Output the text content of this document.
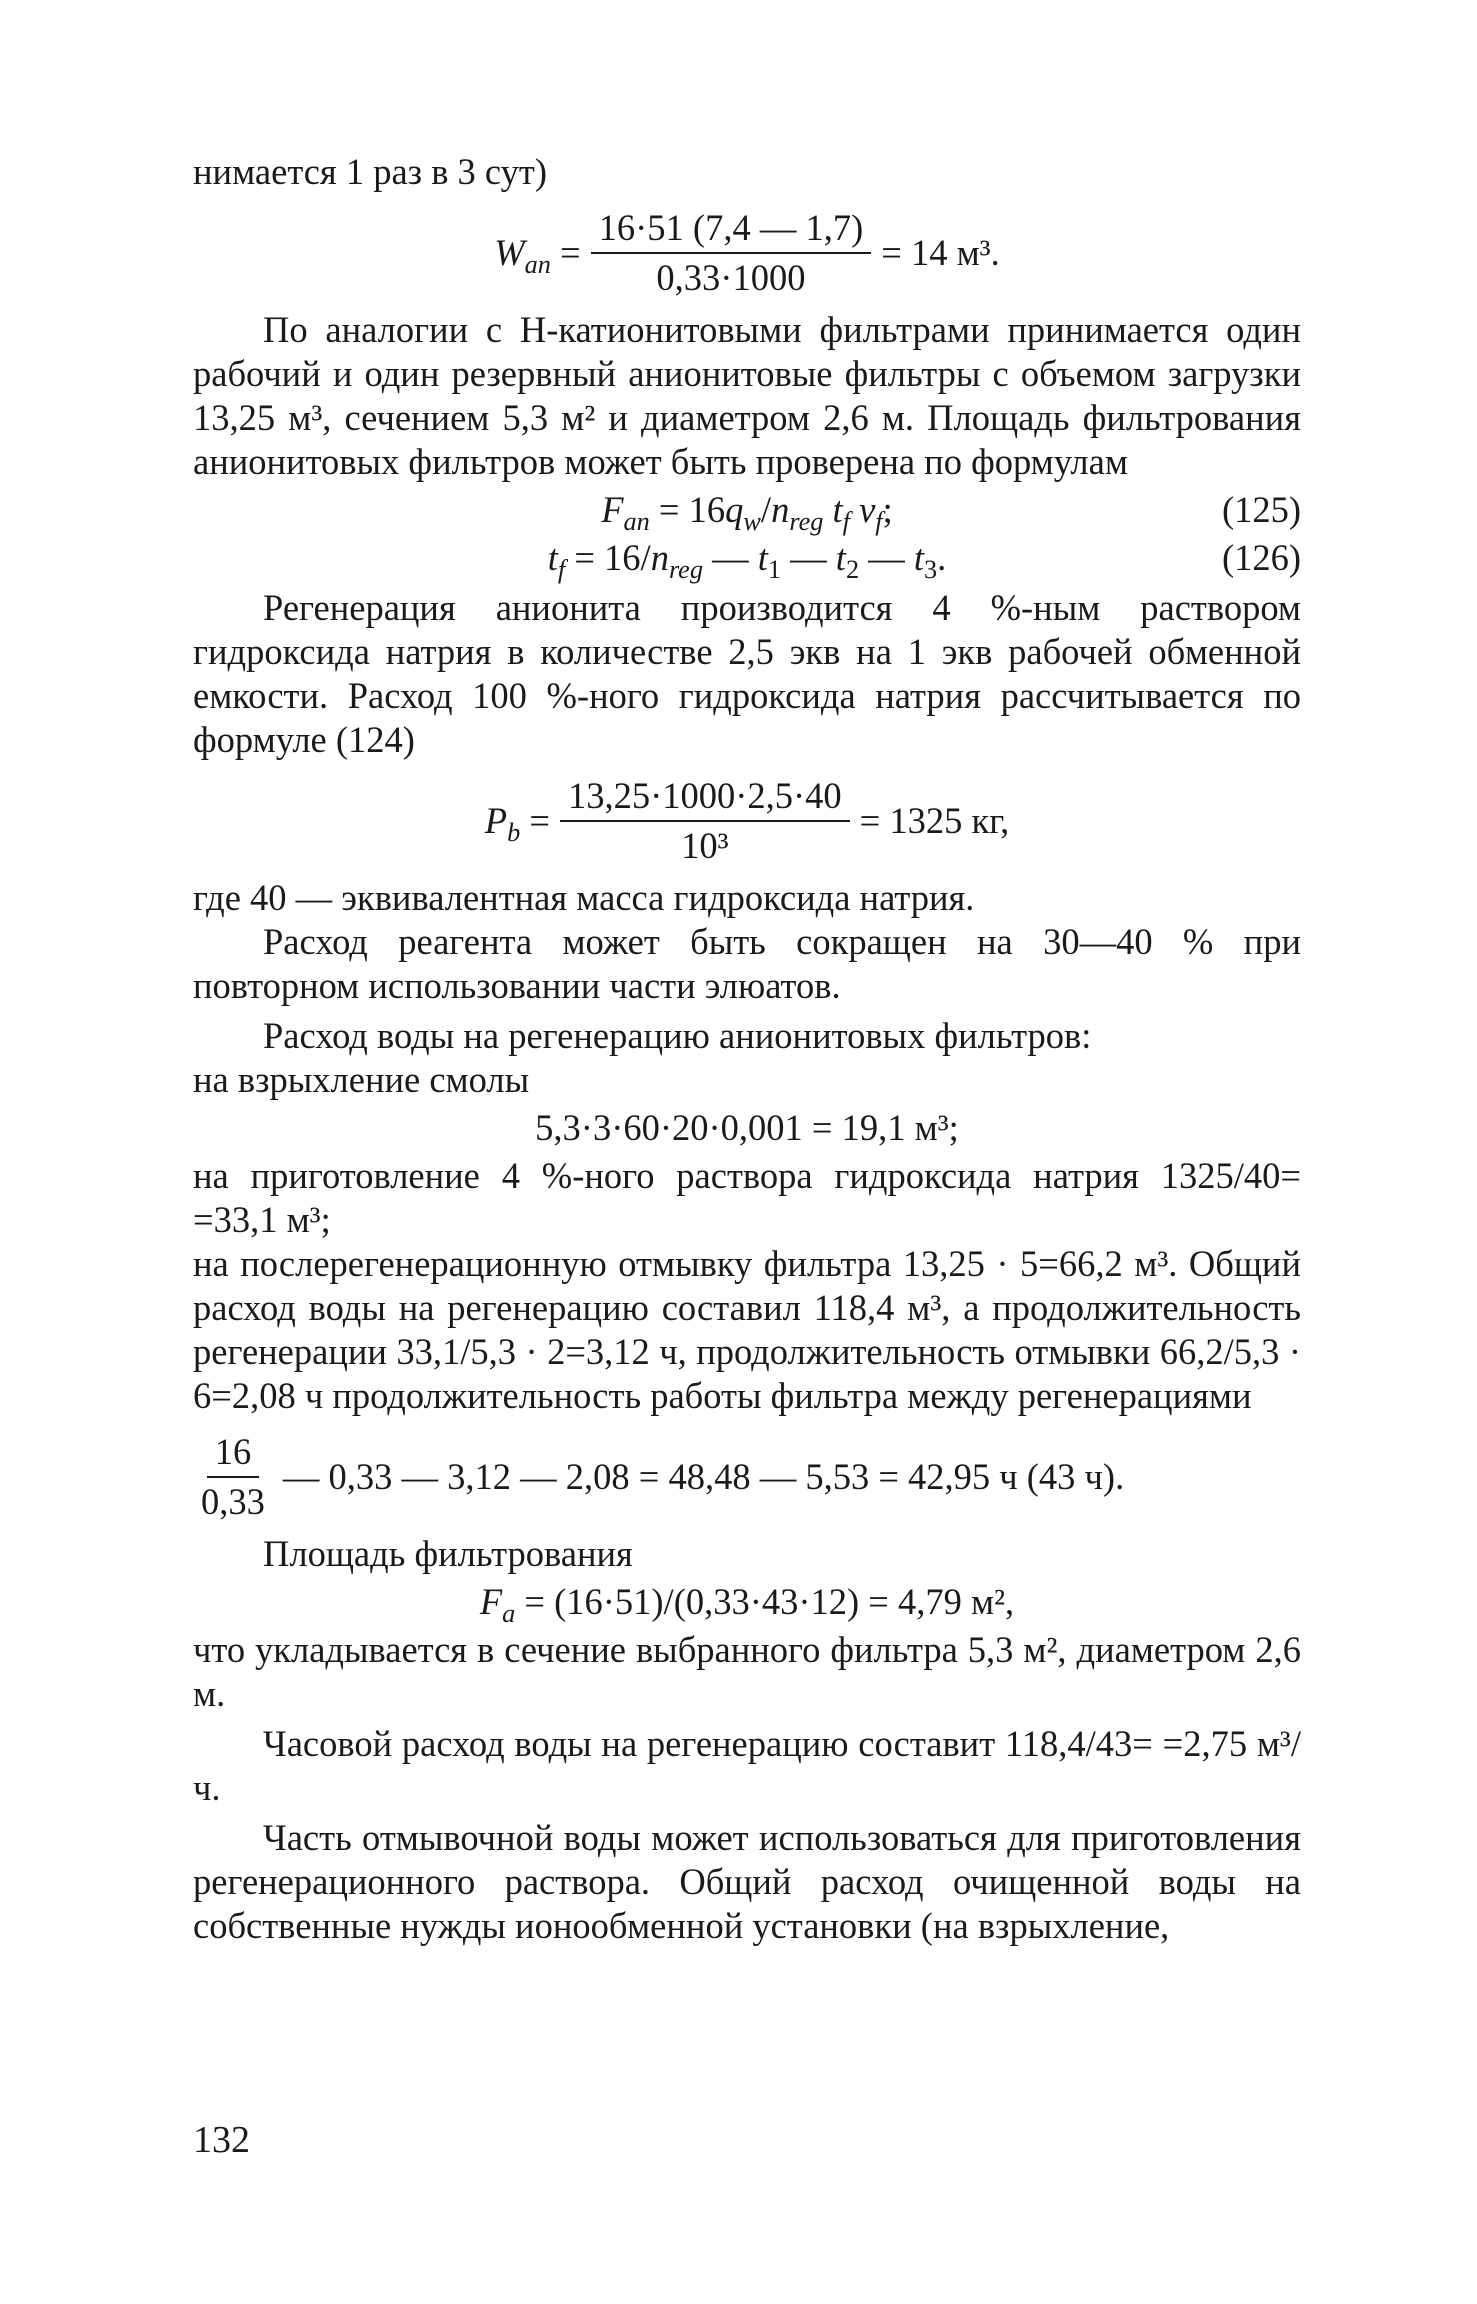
нимается 1 раз в 3 сут)

$W_{an} = \frac{16\cdot 51 (7,4 — 1,7)}{0,33\cdot 1000} = 14$ м³.

По аналогии с Н-катионитовыми фильтрами принимается один рабочий и один резервный анионитовые фильтры с объемом загрузки 13,25 м³, сечением 5,3 м² и диаметром 2,6 м. Площадь фильтрования анионитовых фильтров может быть проверена по формулам

$F_{an} = 16q_w/n_{reg}$ $t_f$ $v_f$;	(125)
$t_f = 16/n_{reg}$ — $t_1$ — $t_2$ — $t_3$.	(126)

Регенерация анионита производится 4 %-ным раствором гидроксида натрия в количестве 2,5 экв на 1 экв рабочей обменной емкости. Расход 100 %-ного гидроксида натрия рассчитывается по формуле (124)

$P_b = \frac{13,25\cdot 1000\cdot 2,5\cdot 40}{\text{10³}} = 1325$ кг,

где 40 — эквивалентная масса гидроксида натрия.

Расход реагента может быть сокращен на 30—40 % при повторном использовании части элюатов.

Расход воды на регенерацию анионитовых фильтров:

на взрыхление смолы

5,3·3·60·20·0,001 = 19,1 м³;

на приготовление 4 %-ного раствора гидроксида натрия 1325/40= =33,1 м³;

на послерегенерационную отмывку фильтра 13,25 · 5=66,2 м³. Общий расход воды на регенерацию составил 118,4 м³, а продолжительность регенерации 33,1/5,3 · 2=3,12 ч, продолжительность отмывки 66,2/5,3 · 6=2,08 ч продолжительность работы фильтра между регенерациями

$\frac{16}{0,33}$ — 0,33 — 3,12 — 2,08 = 48,48 — 5,53 = 42,95 ч (43 ч).

Площадь фильтрования

$F_a = (16\cdot 51)/(0,33\cdot 43\cdot 12) = 4,79$ м²,

что укладывается в сечение выбранного фильтра 5,3 м², диаметром 2,6 м.

Часовой расход воды на регенерацию составит 118,4/43= =2,75 м³/ч.

Часть отмывочной воды может использоваться для приготовления регенерационного раствора. Общий расход очищенной воды на собственные нужды ионообменной установки (на взрыхление,

132
